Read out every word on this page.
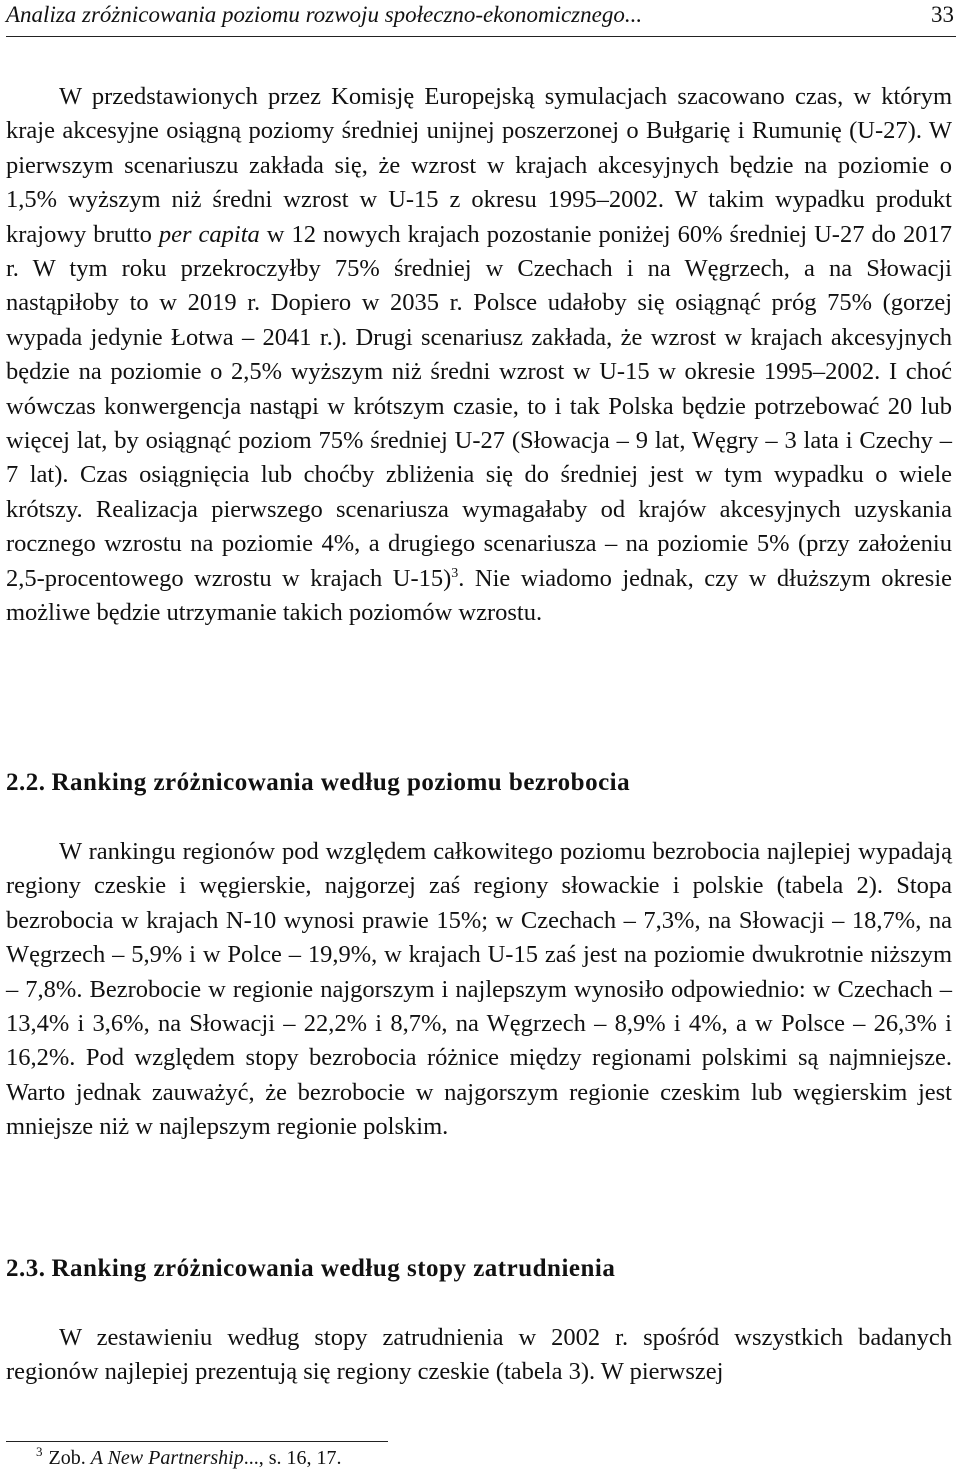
Analiza zróżnicowania poziomu rozwoju społeczno-ekonomicznego...	33

W przedstawionych przez Komisję Europejską symulacjach szacowano czas, w którym kraje akcesyjne osiągną poziomy średniej unijnej poszerzonej o Bułgarię i Rumunię (U-27). W pierwszym scenariuszu zakłada się, że wzrost w krajach akcesyjnych będzie na poziomie o 1,5% wyższym niż średni wzrost w U-15 z okresu 1995–2002. W takim wypadku produkt krajowy brutto per capita w 12 nowych krajach pozostanie poniżej 60% średniej U-27 do 2017 r. W tym roku przekroczyłby 75% średniej w Czechach i na Węgrzech, a na Słowacji nastąpiłoby to w 2019 r. Dopiero w 2035 r. Polsce udałoby się osiągnąć próg 75% (gorzej wypada jedynie Łotwa – 2041 r.). Drugi scenariusz zakłada, że wzrost w krajach akcesyjnych będzie na poziomie o 2,5% wyższym niż średni wzrost w U-15 w okresie 1995–2002. I choć wówczas konwergencja nastąpi w krótszym czasie, to i tak Polska będzie potrzebować 20 lub więcej lat, by osiągnąć poziom 75% średniej U-27 (Słowacja – 9 lat, Węgry – 3 lata i Czechy – 7 lat). Czas osiągnięcia lub choćby zbliżenia się do średniej jest w tym wypadku o wiele krótszy. Realizacja pierwszego scenariusza wymagałaby od krajów akcesyjnych uzyskania rocznego wzrostu na poziomie 4%, a drugiego scenariusza – na poziomie 5% (przy założeniu 2,5-procentowego wzrostu w krajach U-15)$^3$. Nie wiadomo jednak, czy w dłuższym okresie możliwe będzie utrzymanie takich poziomów wzrostu.

2.2. Ranking zróżnicowania według poziomu bezrobocia

W rankingu regionów pod względem całkowitego poziomu bezrobocia najlepiej wypadają regiony czeskie i węgierskie, najgorzej zaś regiony słowackie i polskie (tabela 2). Stopa bezrobocia w krajach N-10 wynosi prawie 15%; w Czechach – 7,3%, na Słowacji – 18,7%, na Węgrzech – 5,9% i w Polce – 19,9%, w krajach U-15 zaś jest na poziomie dwukrotnie niższym – 7,8%. Bezrobocie w regionie najgorszym i najlepszym wynosiło odpowiednio: w Czechach – 13,4% i 3,6%, na Słowacji – 22,2% i 8,7%, na Węgrzech – 8,9% i 4%, a w Polsce – 26,3% i 16,2%. Pod względem stopy bezrobocia różnice między regionami polskimi są najmniejsze. Warto jednak zauważyć, że bezrobocie w najgorszym regionie czeskim lub węgierskim jest mniejsze niż w najlepszym regionie polskim.

2.3. Ranking zróżnicowania według stopy zatrudnienia

W zestawieniu według stopy zatrudnienia w 2002 r. spośród wszystkich badanych regionów najlepiej prezentują się regiony czeskie (tabela 3). W pierwszej

$^3$ Zob. A New Partnership..., s. 16, 17.
